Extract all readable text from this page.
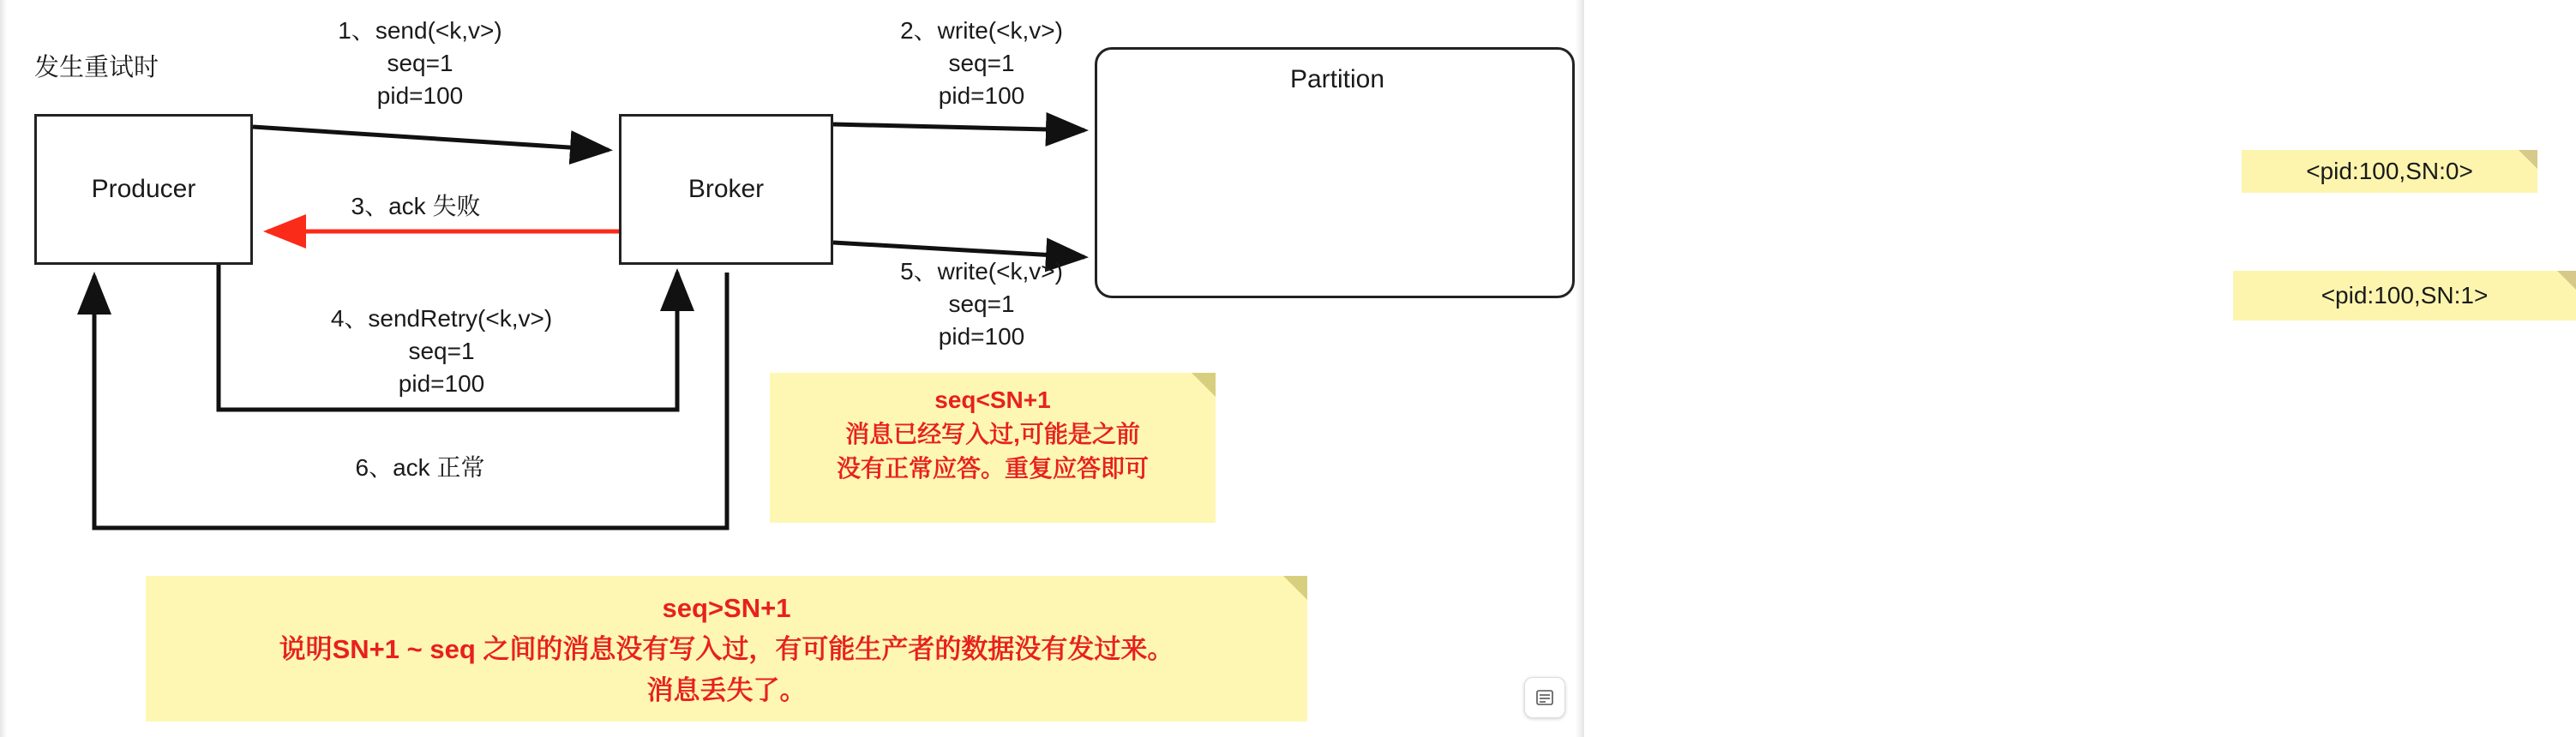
发生重试时
Producer	Broker
Partition
<pid:100,SN:0>
<pid:100,SN:1>
1、send(<k,v>)
seq=1
pid=100
2、write(<k,v>)
seq=1
pid=100
3、ack 失败
4、sendRetry(<k,v>)
seq=1
pid=100
5、write(<k,v>)
seq=1
pid=100
6、ack 正常
seq<SN+1
消息已经写入过,可能是之前
没有正常应答。重复应答即可
seq>SN+1
说明SN+1 ~ seq 之间的消息没有写入过，有可能生产者的数据没有发过来。
消息丢失了。
